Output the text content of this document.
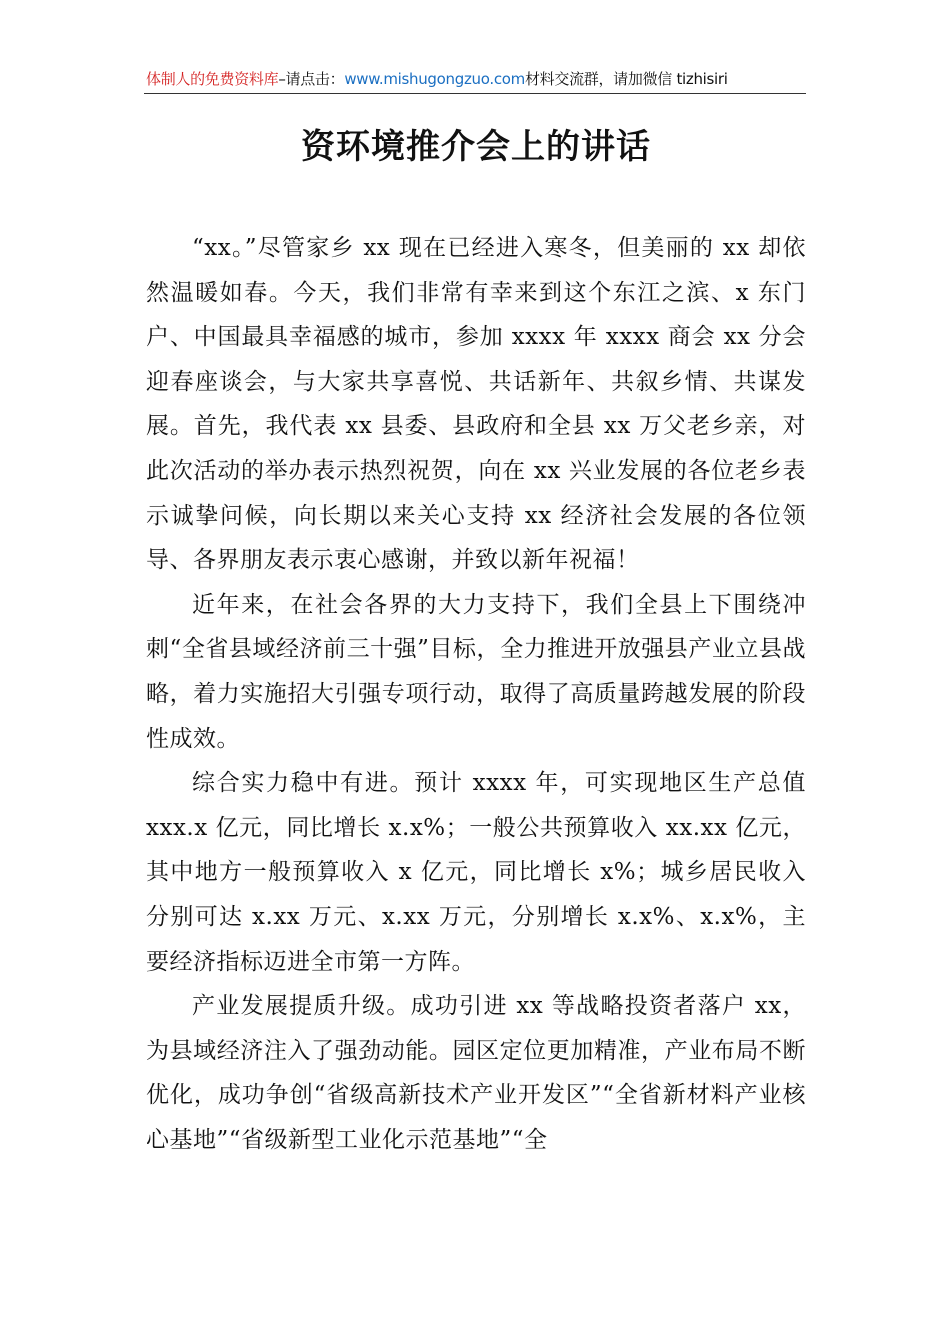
体制人的免费资料库–请点击：www.mishugongzuo.com材料交流群，请加微信 tizhisiri
资环境推介会上的讲话

“xx。”尽管家乡 xx 现在已经进入寒冬，但美丽的 xx 却依然温暖如春。今天，我们非常有幸来到这个东江之滨、x 东门户、中国最具幸福感的城市，参加 xxxx 年 xxxx 商会 xx 分会迎春座谈会，与大家共享喜悦、共话新年、共叙乡情、共谋发展。首先，我代表 xx 县委、县政府和全县 xx 万父老乡亲，对此次活动的举办表示热烈祝贺，向在 xx 兴业发展的各位老乡表示诚挚问候，向长期以来关心支持 xx 经济社会发展的各位领导、各界朋友表示衷心感谢，并致以新年祝福！

近年来，在社会各界的大力支持下，我们全县上下围绕冲刺“全省县域经济前三十强”目标，全力推进开放强县产业立县战略，着力实施招大引强专项行动，取得了高质量跨越发展的阶段性成效。

综合实力稳中有进。预计 xxxx 年，可实现地区生产总值 xxx.x 亿元，同比增长 x.x%；一般公共预算收入 xx.xx 亿元，其中地方一般预算收入 x 亿元，同比增长 x%；城乡居民收入分别可达 x.xx 万元、x.xx 万元，分别增长 x.x%、x.x%，主要经济指标迈进全市第一方阵。

产业发展提质升级。成功引进 xx 等战略投资者落户 xx，为县域经济注入了强劲动能。园区定位更加精准，产业布局不断优化，成功争创“省级高新技术产业开发区”“全省新材料产业核心基地”“省级新型工业化示范基地”“全
